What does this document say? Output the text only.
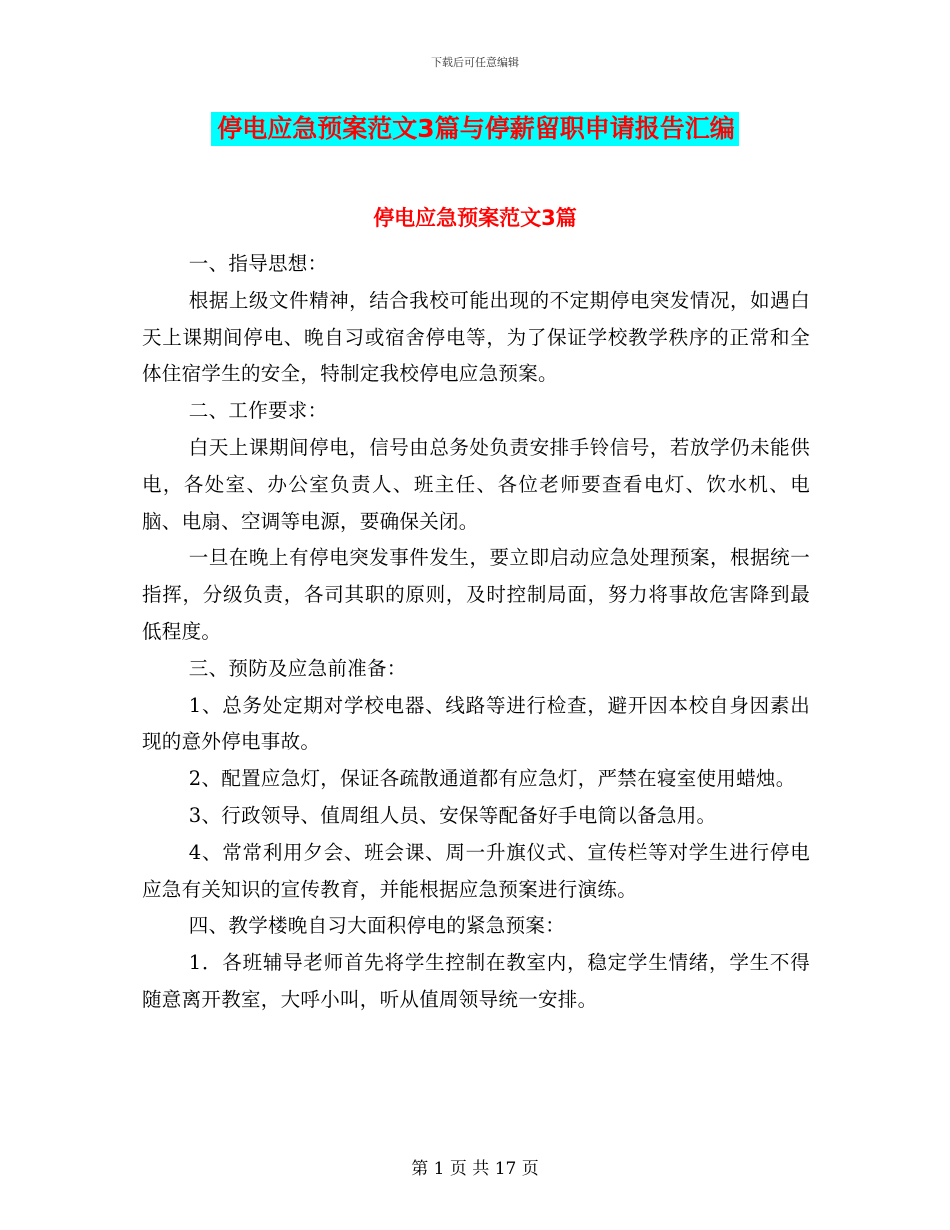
下载后可任意编辑
停电应急预案范文3篇与停薪留职申请报告汇编
停电应急预案范文3篇

一、指导思想：

根据上级文件精神，结合我校可能出现的不定期停电突发情况，如遇白天上课期间停电、晚自习或宿舍停电等，为了保证学校教学秩序的正常和全体住宿学生的安全，特制定我校停电应急预案。

二、工作要求：

白天上课期间停电，信号由总务处负责安排手铃信号，若放学仍未能供电，各处室、办公室负责人、班主任、各位老师要查看电灯、饮水机、电脑、电扇、空调等电源，要确保关闭。

一旦在晚上有停电突发事件发生，要立即启动应急处理预案，根据统一指挥，分级负责，各司其职的原则，及时控制局面，努力将事故危害降到最低程度。

三、预防及应急前准备：

1、总务处定期对学校电器、线路等进行检查，避开因本校自身因素出现的意外停电事故。

2、配置应急灯，保证各疏散通道都有应急灯，严禁在寝室使用蜡烛。

3、行政领导、值周组人员、安保等配备好手电筒以备急用。

4、常常利用夕会、班会课、周一升旗仪式、宣传栏等对学生进行停电应急有关知识的宣传教育，并能根据应急预案进行演练。

四、教学楼晚自习大面积停电的紧急预案：

1．各班辅导老师首先将学生控制在教室内，稳定学生情绪，学生不得随意离开教室，大呼小叫，听从值周领导统一安排。

第 1 页 共 17 页
